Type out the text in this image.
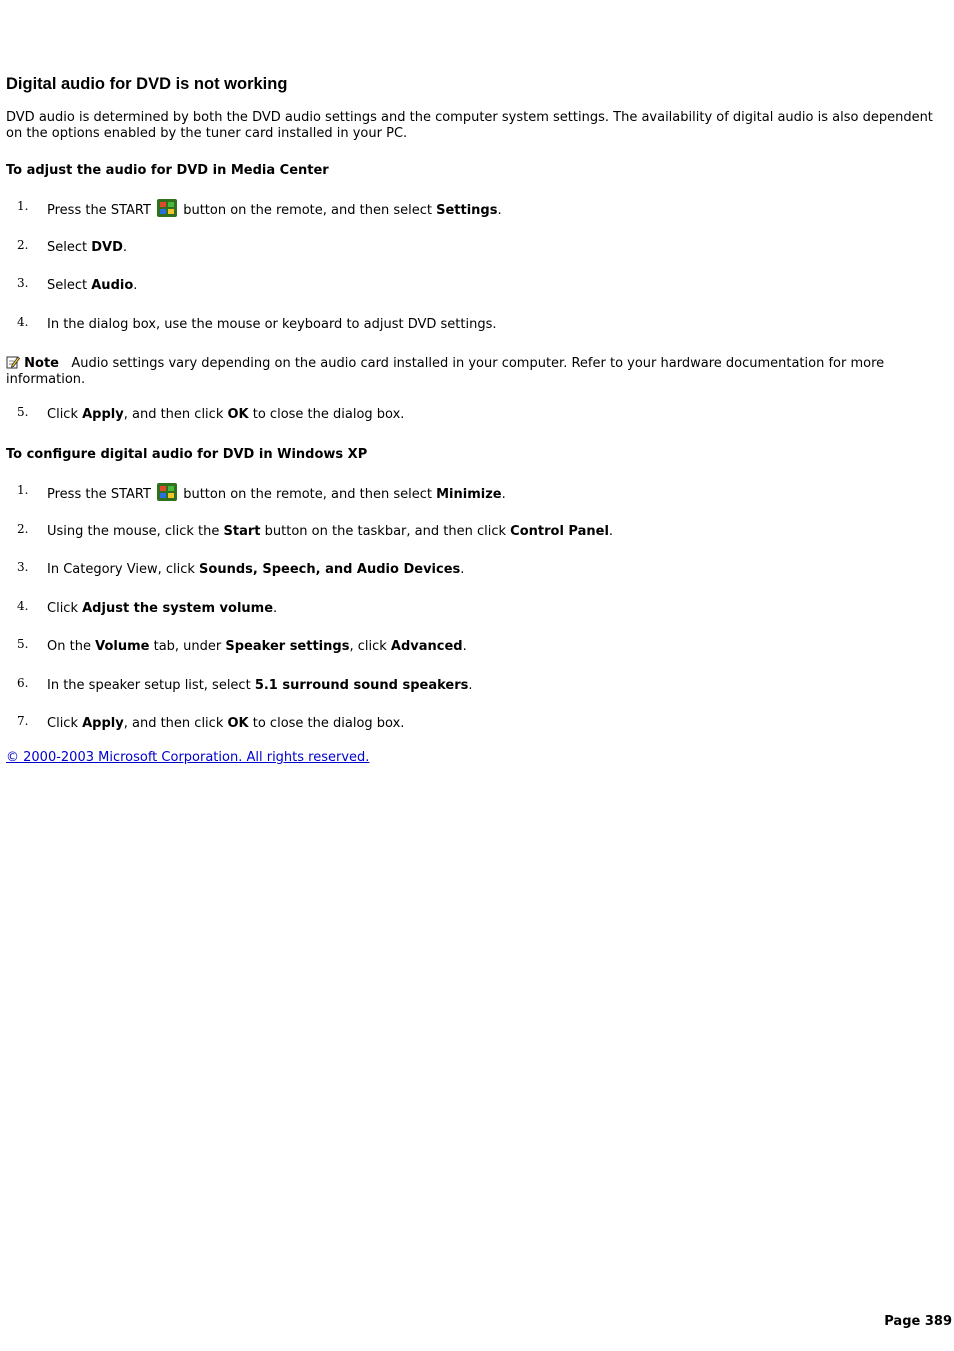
Digital audio for DVD is not working

DVD audio is determined by both the DVD audio settings and the computer system settings. The availability of digital audio is also dependent on the options enabled by the tuner card installed in your PC.

To adjust the audio for DVD in Media Center

1. Press the START button on the remote, and then select Settings.
2. Select DVD.
3. Select Audio.
4. In the dialog box, use the mouse or keyboard to adjust DVD settings.

Note Audio settings vary depending on the audio card installed in your computer. Refer to your hardware documentation for more information.

5. Click Apply, and then click OK to close the dialog box.

To configure digital audio for DVD in Windows XP

1. Press the START button on the remote, and then select Minimize.
2. Using the mouse, click the Start button on the taskbar, and then click Control Panel.
3. In Category View, click Sounds, Speech, and Audio Devices.
4. Click Adjust the system volume.
5. On the Volume tab, under Speaker settings, click Advanced.
6. In the speaker setup list, select 5.1 surround sound speakers.
7. Click Apply, and then click OK to close the dialog box.
© 2000-2003 Microsoft Corporation. All rights reserved.
Page 389
